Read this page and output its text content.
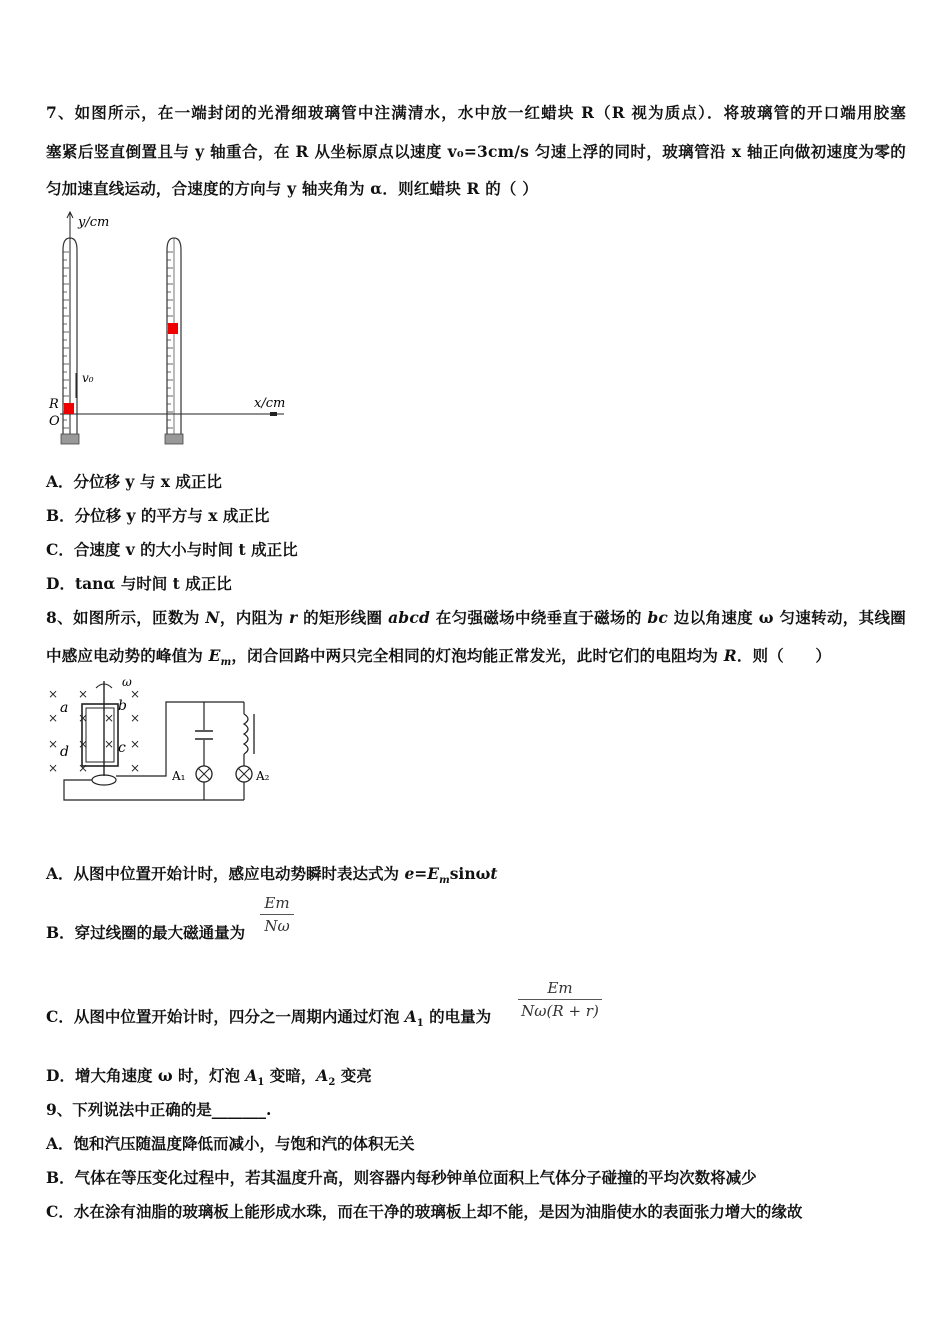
7、如图所示，在一端封闭的光滑细玻璃管中注满清水，水中放一红蜡块 R（R 视为质点）．将玻璃管的开口端用胶塞
塞紧后竖直倒置且与 y 轴重合，在 R 从坐标原点以速度 v₀=3cm/s 匀速上浮的同时，玻璃管沿 x 轴正向做初速度为零的
匀加速直线运动，合速度的方向与 y 轴夹角为 α．则红蜡块 R 的（ ）
y/cm
x/cm
v₀
R
O
A．分位移 y 与 x 成正比
B．分位移 y 的平方与 x 成正比
C．合速度 v 的大小与时间 t 成正比
D．tanα 与时间 t 成正比
8、如图所示，匝数为 N，内阻为 r 的矩形线圈 abcd 在匀强磁场中绕垂直于磁场的 bc 边以角速度 ω 匀速转动，其线圈
中感应电动势的峰值为 $E_m$，闭合回路中两只完全相同的灯泡均能正常发光，此时它们的电阻均为 R．则（　　）
× ×	×
× × × ×
× × × ×
× ×	×
ω
a	b
c
d
A₁	A₂
A．从图中位置开始计时，感应电动势瞬时表达式为 $e=E_m\sin\omega t$
B．穿过线圈的最大磁通量为
Em
Nω
C．从图中位置开始计时，四分之一周期内通过灯泡 $A_1$ 的电量为
Em
Nω(R + r)
D．增大角速度 ω 时，灯泡 $A_1$ 变暗，$A_2$ 变亮
9、下列说法中正确的是_______.
A．饱和汽压随温度降低而减小，与饱和汽的体积无关
B．气体在等压变化过程中，若其温度升高，则容器内每秒钟单位面积上气体分子碰撞的平均次数将减少
C．水在涂有油脂的玻璃板上能形成水珠，而在干净的玻璃板上却不能，是因为油脂使水的表面张力增大的缘故
